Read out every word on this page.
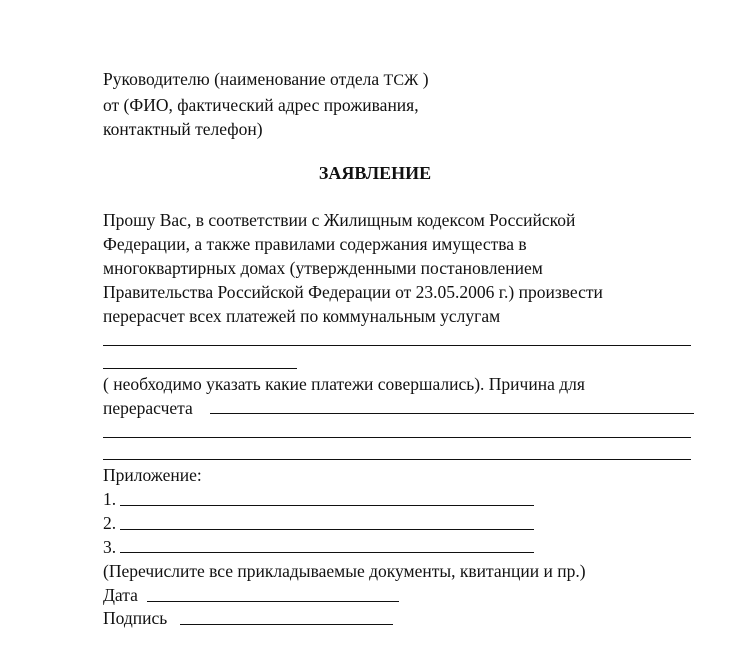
Руководителю (наименование отдела ТСЖ )
от (ФИО, фактический адрес проживания,
контактный телефон)
ЗАЯВЛЕНИЕ
Прошу Вас, в соответствии с Жилищным кодексом Российской
Федерации, а также правилами содержания имущества в
многоквартирных домах (утвержденными постановлением
Правительства Российской Федерации от 23.05.2006 г.) произвести
перерасчет всех платежей по коммунальным услугам
( необходимо указать какие платежи совершались). Причина для
перерасчета
Приложение:
1.
2.
3.
(Перечислите все прикладываемые документы, квитанции и пр.)
Дата
Подпись
